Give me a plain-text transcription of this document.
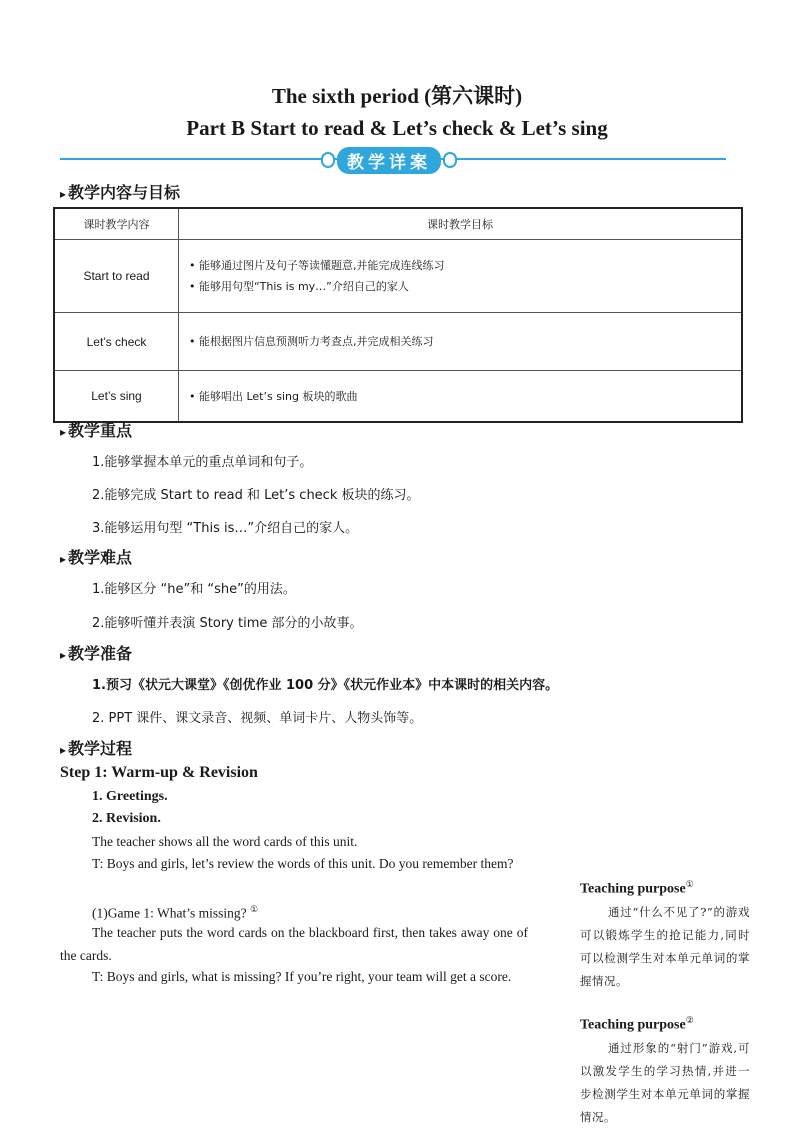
The sixth period (第六课时)
Part B Start to read & Let’s check & Let’s sing
教学详案
▸ 教学内容与目标
课时教学内容	课时教学目标
Start to read	• 能够通过图片及句子等读懂题意,并能完成连线练习
• 能够用句型“This is my…”介绍自己的家人

Let’s check	• 能根据图片信息预测听力考查点,并完成相关练习

Let’s sing	• 能够唱出 Let’s sing 板块的歌曲
▸ 教学重点
1.能够掌握本单元的重点单词和句子。
2.能够完成 Start to read 和 Let’s check 板块的练习。
3.能够运用句型 “This is…”介绍自己的家人。
▸ 教学难点
1.能够区分 “he”和 “she”的用法。
2.能够听懂并表演 Story time 部分的小故事。
▸ 教学准备
1.预习《状元大课堂》《创优作业 100 分》《状元作业本》中本课时的相关内容。
2. PPT 课件、课文录音、视频、单词卡片、人物头饰等。
▸ 教学过程
Step 1: Warm-up & Revision
1. Greetings.
2. Revision.
The teacher shows all the word cards of this unit.
T: Boys and girls, let’s review the words of this unit. Do you remember them?
(1)Game 1: What’s missing? ①
The teacher puts the word cards on the blackboard first, then takes away one of the cards.
T: Boys and girls, what is missing? If you’re right, your team will get a score.
Teaching purpose①
通过“什么不见了?”的游戏可以锻炼学生的抢记能力,同时可以检测学生对本单元单词的掌握情况。
Teaching purpose②
通过形象的“射门”游戏,可以激发学生的学习热情,并进一步检测学生对本单元单词的掌握情况。
